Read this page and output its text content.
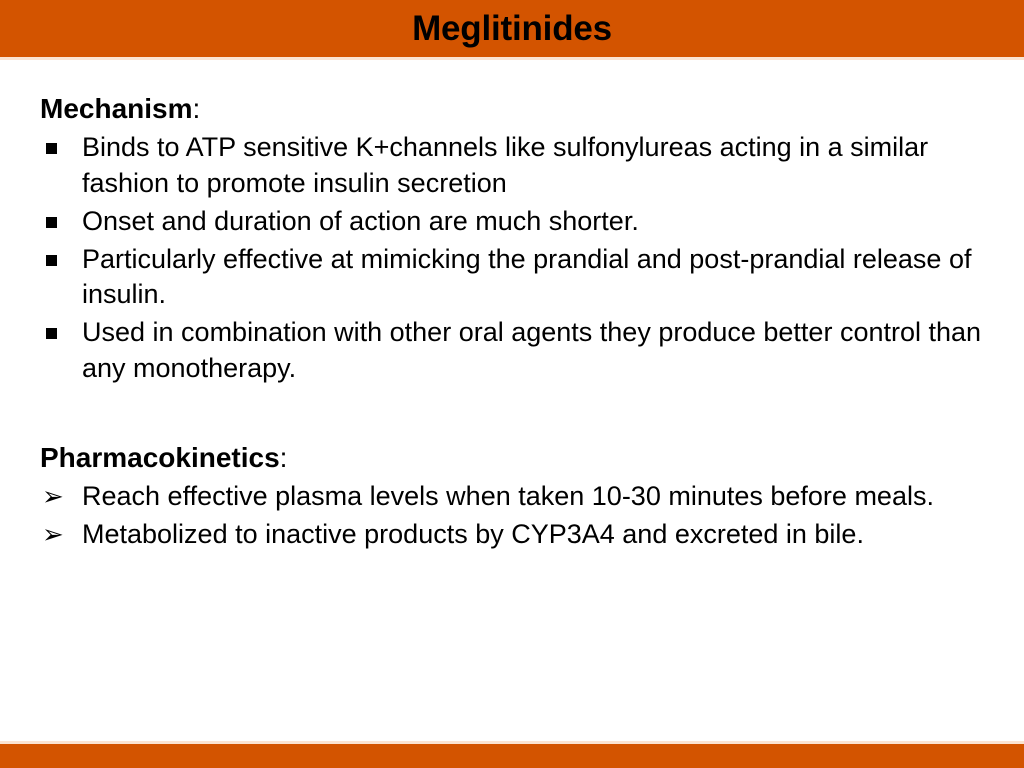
Meglitinides

Mechanism:

Binds to ATP sensitive K+channels like sulfonylureas acting in a similar fashion to promote insulin secretion
Onset and duration of action are much shorter.
Particularly effective at mimicking the prandial and post-prandial release of insulin.
Used in combination with other oral agents they produce better control than any monotherapy.

Pharmacokinetics:

➢ Reach effective plasma levels when taken 10-30 minutes before meals.
➢ Metabolized to inactive products by CYP3A4 and excreted in bile.
